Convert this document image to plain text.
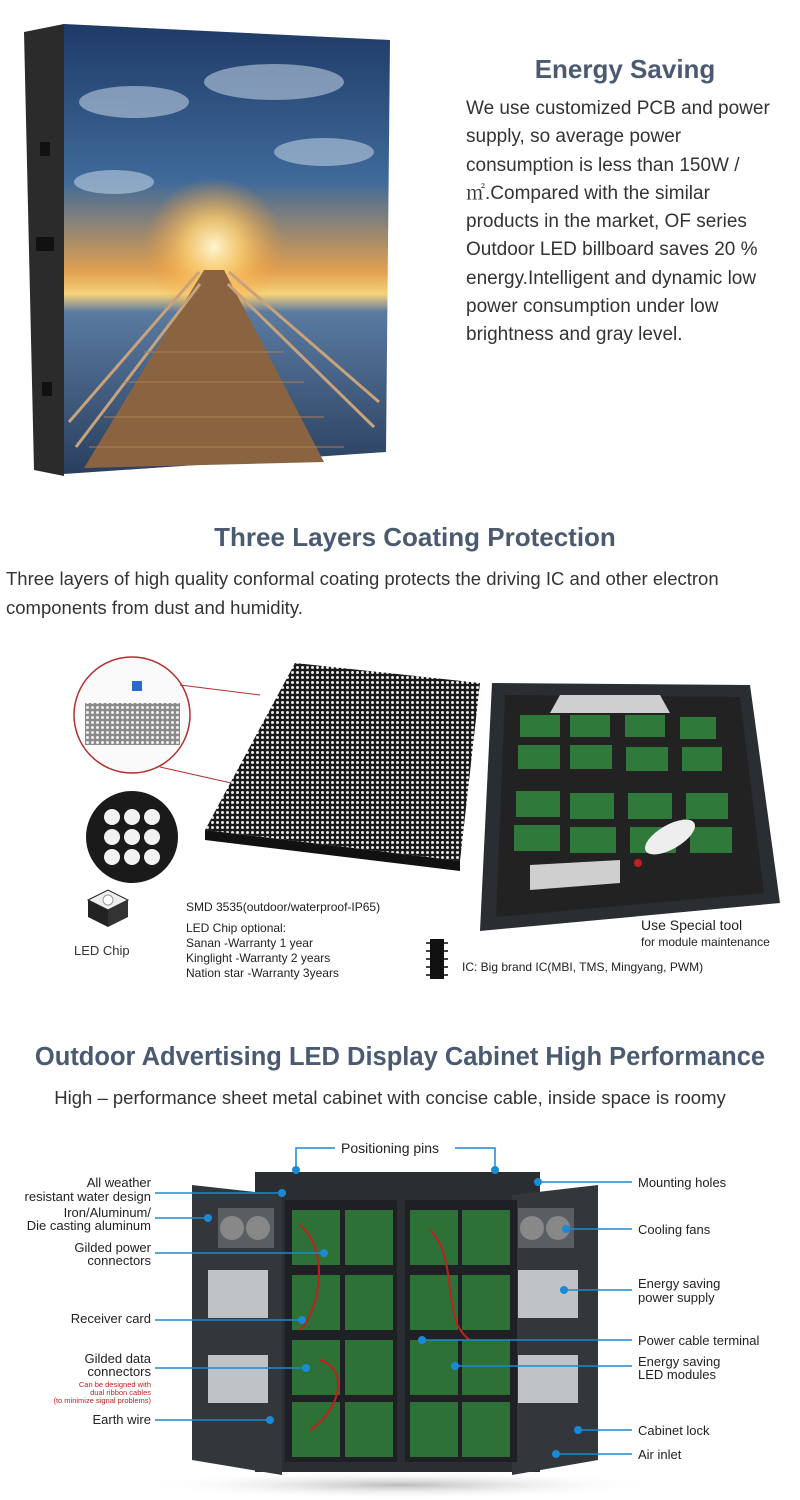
Energy Saving
We use customized PCB and power supply, so average power consumption is less than 150W / ㎡.Compared with the similar products in the market, OF series Outdoor LED billboard saves 20 % energy.Intelligent and dynamic low power consumption under low brightness and gray level.
Three Layers Coating Protection
Three layers of high quality conformal coating protects the driving IC and other electron components from dust and humidity.
LED Chip
SMD 3535(outdoor/waterproof-IP65)
LED Chip optional:
Sanan -Warranty 1 year
Kinglight -Warranty 2 years
Nation star -Warranty 3years	IC: Big brand IC(MBI, TMS, Mingyang, PWM)
Use Special tool
for module maintenance
Outdoor Advertising LED Display Cabinet High Performance
High – performance sheet metal cabinet with concise cable, inside space is roomy
Positioning pins
All weather
resistant water design
Iron/Aluminum/
Die casting aluminum
Gilded power
connectors
Receiver card
Gilded data
connectors
Earth wire
Can be designed with
dual ribbon cables
(to minimize signal problems)
Mounting holes
Cooling fans
Energy saving
power supply
Power cable terminal
Energy saving
LED modules
Cabinet lock
Air inlet
